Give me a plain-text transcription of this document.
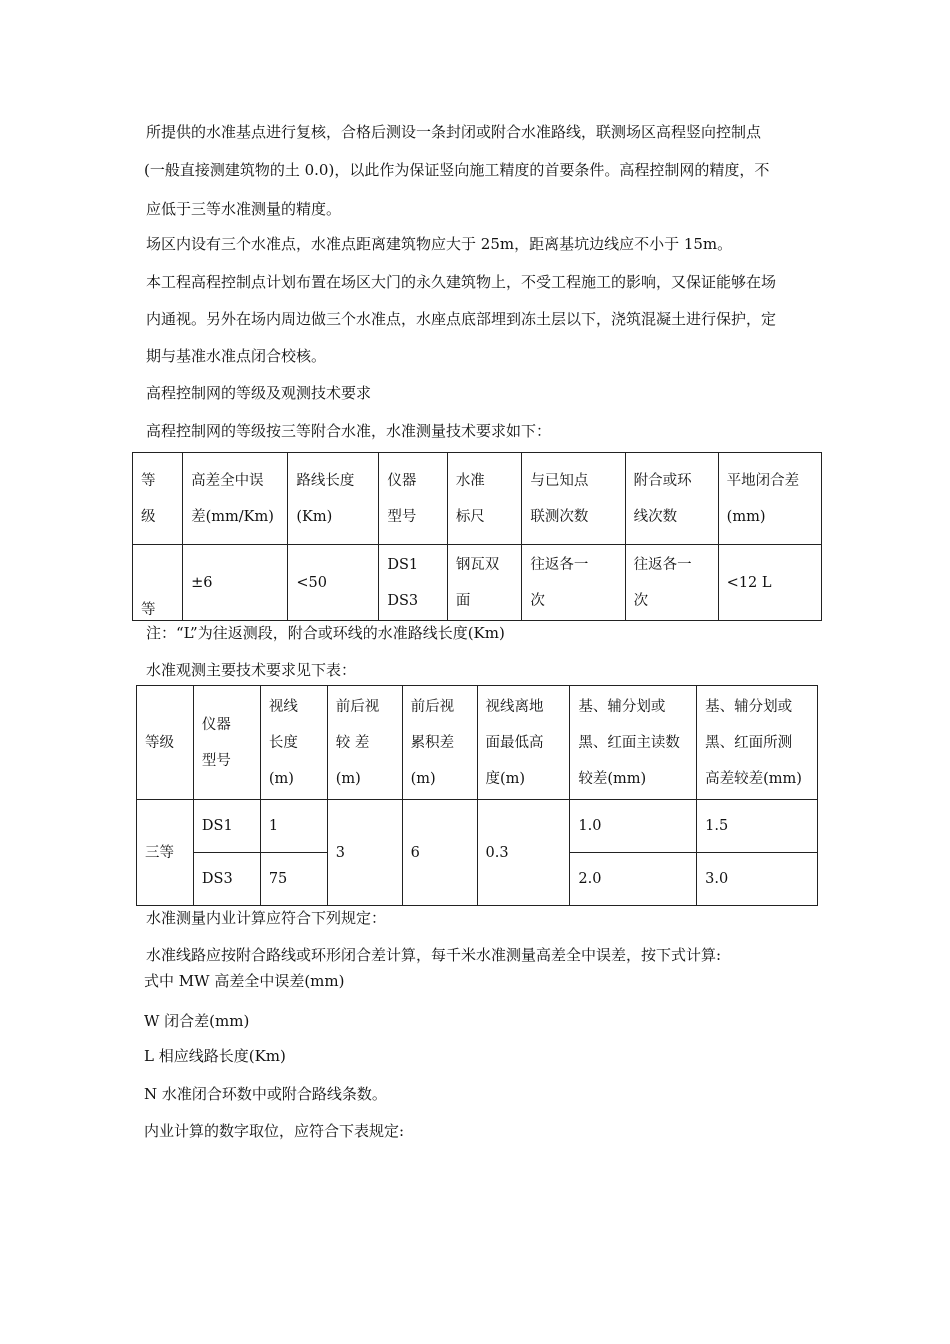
所提供的水准基点进行复核，合格后测设一条封闭或附合水准路线，联测场区高程竖向控制点
(一般直接测建筑物的土 0.0)，以此作为保证竖向施工精度的首要条件。高程控制网的精度，不
应低于三等水准测量的精度。
场区内设有三个水准点，水准点距离建筑物应大于 25m，距离基坑边线应不小于 15m。
本工程高程控制点计划布置在场区大门的永久建筑物上，不受工程施工的影响，又保证能够在场
内通视。另外在场内周边做三个水准点，水座点底部埋到冻土层以下，浇筑混凝土进行保护，定
期与基准水准点闭合校核。
高程控制网的等级及观测技术要求
高程控制网的等级按三等附合水准，水准测量技术要求如下：
等
级	高差全中误
差(mm/Km)	路线长度
(Km)	仪器
型号	水准
标尺	与已知点
联测次数	附合或环
线次数	平地闭合差
(mm)

等	±6	<50	DS1
DS3	钢瓦双
面	往返各一
次	往返各一
次	<12 L
注：“L”为往返测段，附合或环线的水准路线长度(Km)
水准观测主要技术要求见下表：
等级	仪器
型号	视线
长度
(m)	前后视
较 差
(m)	前后视
累积差
(m)	视线离地
面最低高
度(m)	基、辅分划或
黑、红面主读数
较差(mm)	基、辅分划或
黑、红面所测
高差较差(mm)

三等	DS1	1	3	6	0.3	1.0	1.5

	DS3	75				2.0	3.0
水准测量内业计算应符合下列规定：
水准线路应按附合路线或环形闭合差计算，每千米水准测量高差全中误差，按下式计算:
式中 MW 高差全中误差(mm)
W 闭合差(mm)
L 相应线路长度(Km)
N 水准闭合环数中或附合路线条数。
内业计算的数字取位，应符合下表规定:
